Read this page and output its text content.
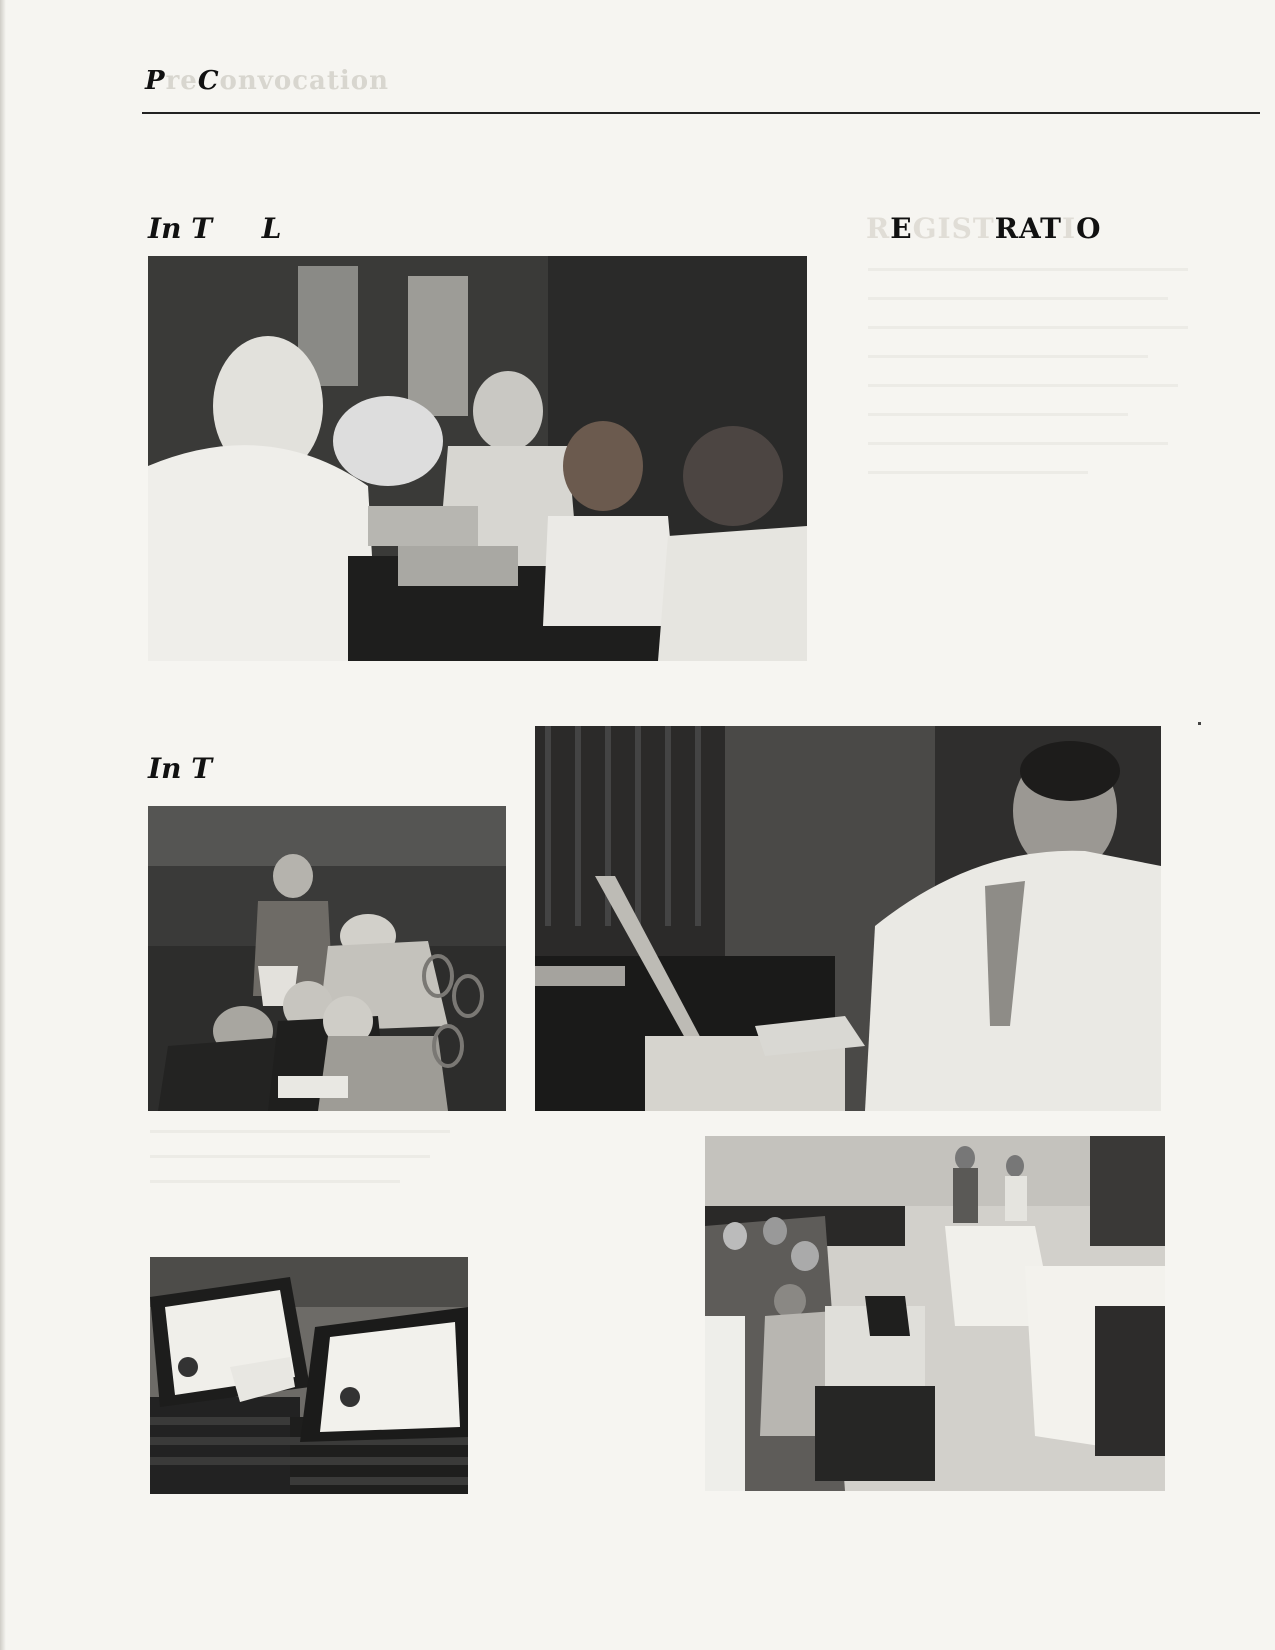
PreConvocation
In T L	REGISTRATIO
In T
